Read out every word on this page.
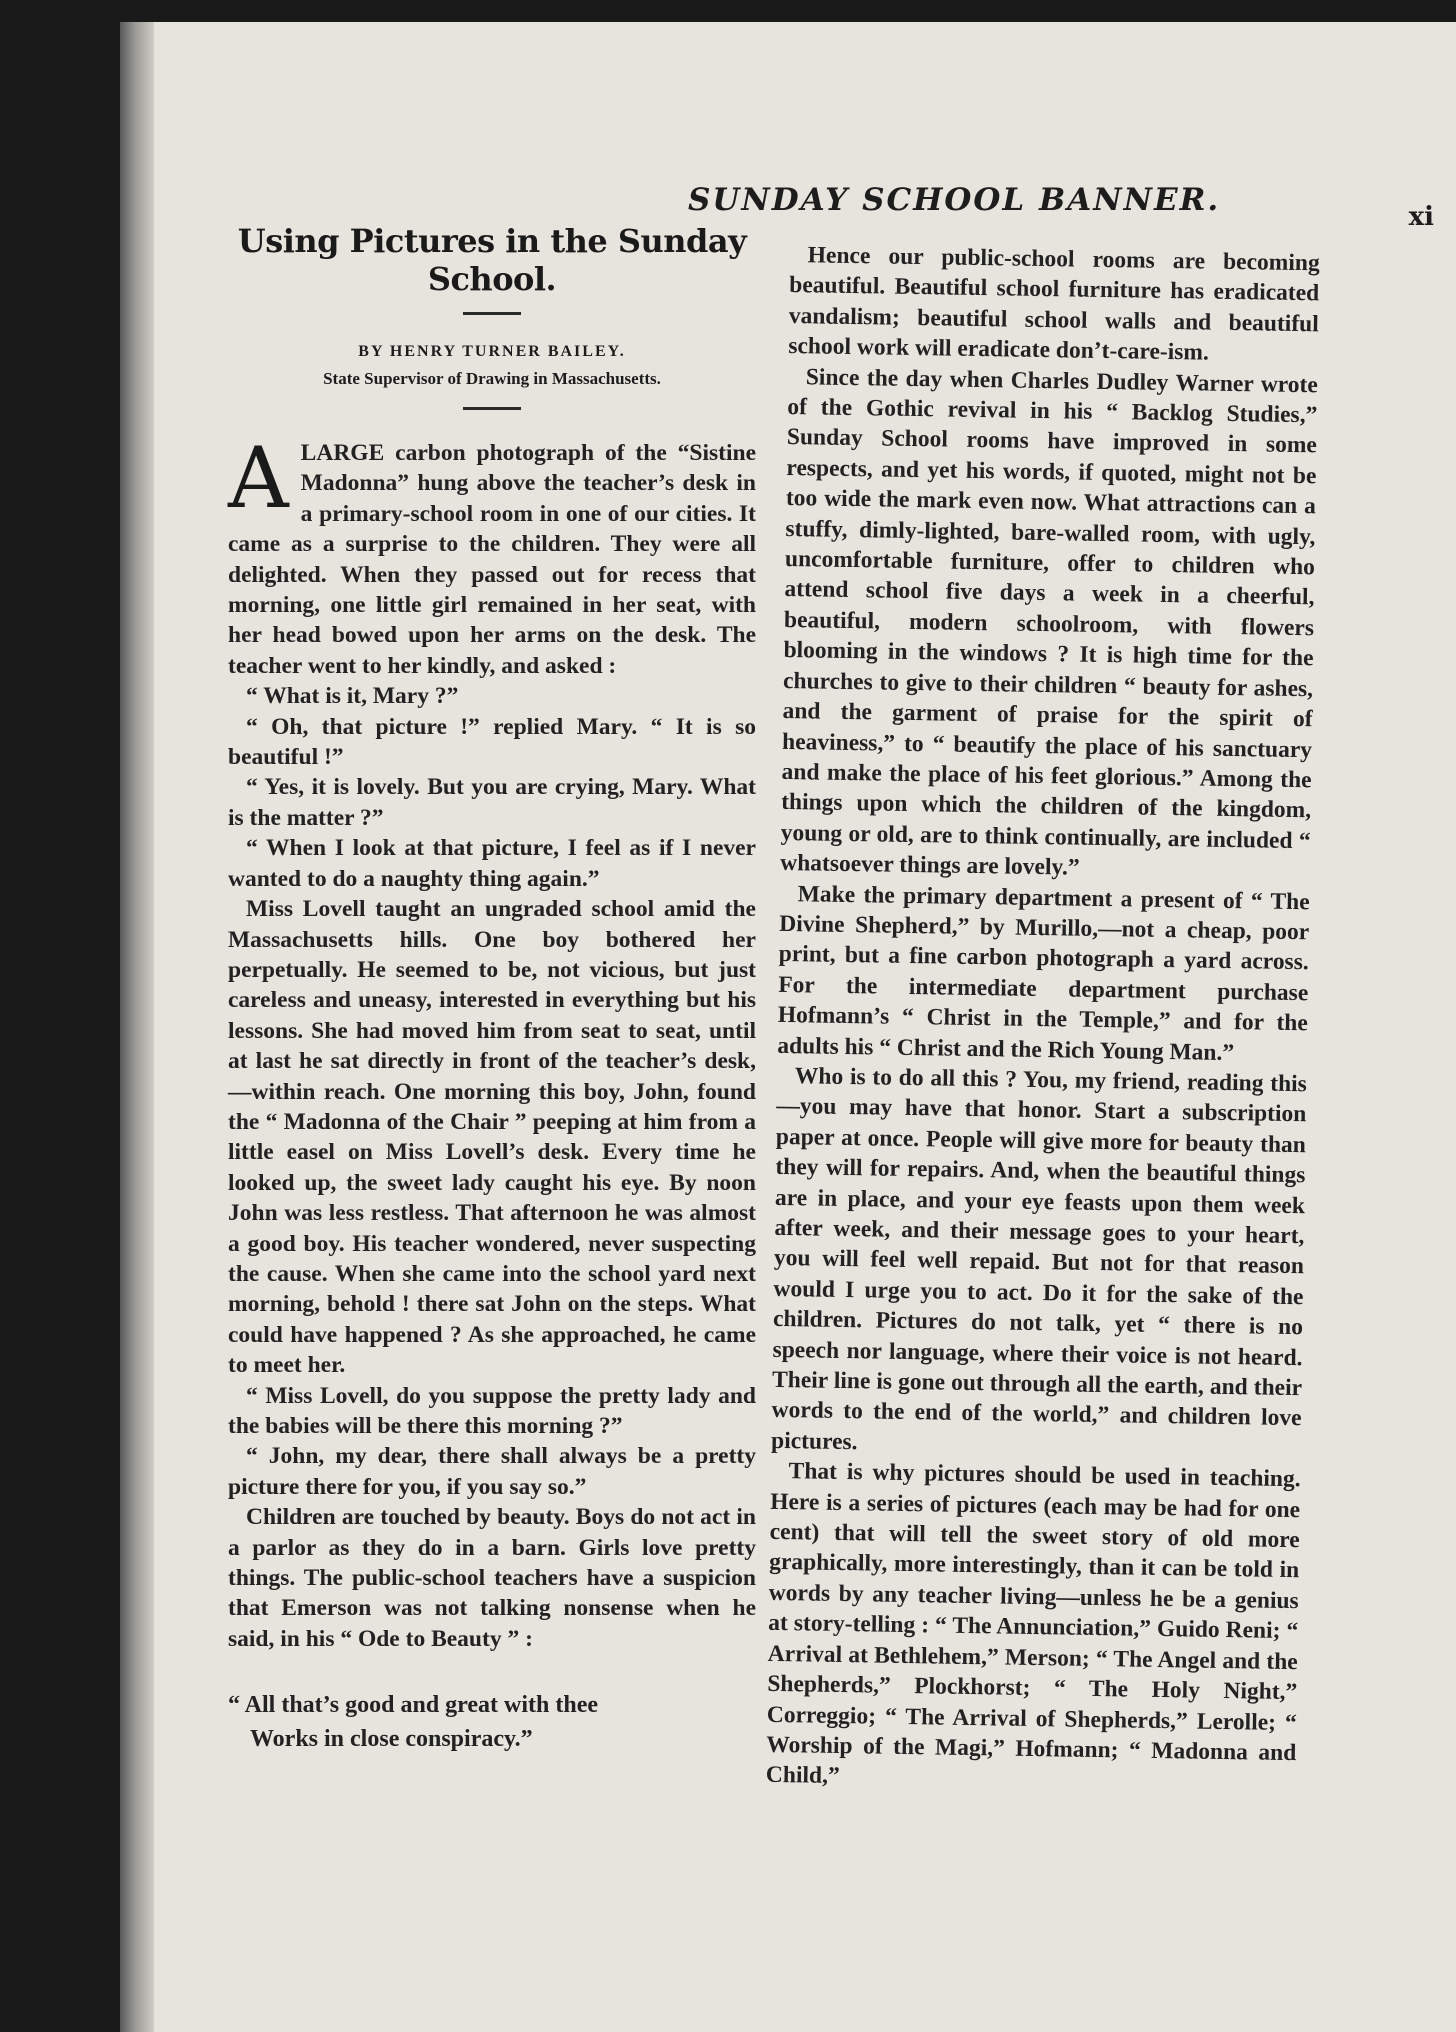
SUNDAY SCHOOL BANNER.	xi
Using Pictures in the Sunday School.

BY HENRY TURNER BAILEY.

State Supervisor of Drawing in Massachusetts.

A LARGE carbon photograph of the “Sistine Madonna” hung above the teacher’s desk in a primary-school room in one of our cities. It came as a surprise to the children. They were all delighted. When they passed out for recess that morning, one little girl remained in her seat, with her head bowed upon her arms on the desk. The teacher went to her kindly, and asked :

“ What is it, Mary ?”

“ Oh, that picture !” replied Mary. “ It is so beautiful !”

“ Yes, it is lovely. But you are crying, Mary. What is the matter ?”

“ When I look at that picture, I feel as if I never wanted to do a naughty thing again.”

Miss Lovell taught an ungraded school amid the Massachusetts hills. One boy bothered her perpetually. He seemed to be, not vicious, but just careless and uneasy, interested in everything but his lessons. She had moved him from seat to seat, until at last he sat directly in front of the teacher’s desk,—within reach. One morning this boy, John, found the “ Madonna of the Chair ” peeping at him from a little easel on Miss Lovell’s desk. Every time he looked up, the sweet lady caught his eye. By noon John was less restless. That afternoon he was almost a good boy. His teacher wondered, never suspecting the cause. When she came into the school yard next morning, behold ! there sat John on the steps. What could have happened ? As she approached, he came to meet her.

“ Miss Lovell, do you suppose the pretty lady and the babies will be there this morning ?”

“ John, my dear, there shall always be a pretty picture there for you, if you say so.”

Children are touched by beauty. Boys do not act in a parlor as they do in a barn. Girls love pretty things. The public-school teachers have a suspicion that Emerson was not talking nonsense when he said, in his “ Ode to Beauty ” :

“ All that’s good and great with thee
Works in close conspiracy.”

Hence our public-school rooms are becoming beautiful. Beautiful school furniture has eradicated vandalism; beautiful school walls and beautiful school work will eradicate don’t-care-ism.

Since the day when Charles Dudley Warner wrote of the Gothic revival in his “ Backlog Studies,” Sunday School rooms have improved in some respects, and yet his words, if quoted, might not be too wide the mark even now. What attractions can a stuffy, dimly-lighted, bare-walled room, with ugly, uncomfortable furniture, offer to children who attend school five days a week in a cheerful, beautiful, modern schoolroom, with flowers blooming in the windows ? It is high time for the churches to give to their children “ beauty for ashes, and the garment of praise for the spirit of heaviness,” to “ beautify the place of his sanctuary and make the place of his feet glorious.” Among the things upon which the children of the kingdom, young or old, are to think continually, are included “ whatsoever things are lovely.”

Make the primary department a present of “ The Divine Shepherd,” by Murillo,—not a cheap, poor print, but a fine carbon photograph a yard across. For the intermediate department purchase Hofmann’s “ Christ in the Temple,” and for the adults his “ Christ and the Rich Young Man.”

Who is to do all this ? You, my friend, reading this—you may have that honor. Start a subscription paper at once. People will give more for beauty than they will for repairs. And, when the beautiful things are in place, and your eye feasts upon them week after week, and their message goes to your heart, you will feel well repaid. But not for that reason would I urge you to act. Do it for the sake of the children. Pictures do not talk, yet “ there is no speech nor language, where their voice is not heard. Their line is gone out through all the earth, and their words to the end of the world,” and children love pictures.

That is why pictures should be used in teaching. Here is a series of pictures (each may be had for one cent) that will tell the sweet story of old more graphically, more interestingly, than it can be told in words by any teacher living—unless he be a genius at story-telling : “ The Annunciation,” Guido Reni; “ Arrival at Bethlehem,” Merson; “ The Angel and the Shepherds,” Plockhorst; “ The Holy Night,” Correggio; “ The Arrival of Shepherds,” Lerolle; “ Worship of the Magi,” Hofmann; “ Madonna and Child,”
